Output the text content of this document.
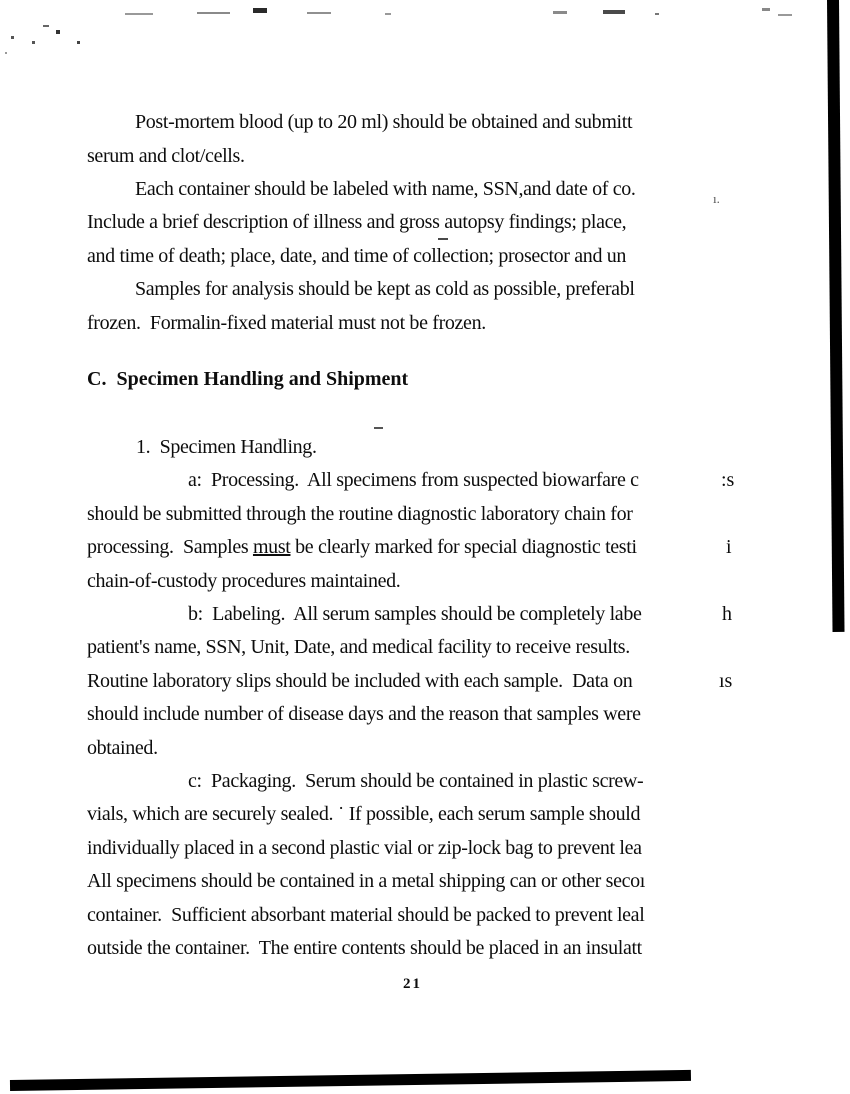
Post-mortem blood (up to 20 ml) should be obtained and submitt
serum and clot/cells.
Each container should be labeled with name, SSN,and date of co.
Include a brief description of illness and gross autopsy findings; place,
and time of death; place, date, and time of collection; prosector and un
Samples for analysis should be kept as cold as possible, preferabl
frozen.  Formalin-fixed material must not be frozen.
C.  Specimen Handling and Shipment
1.  Specimen Handling.
a:  Processing.  All specimens from suspected biowarfare c
should be submitted through the routine diagnostic laboratory chain for
processing.  Samples must be clearly marked for special diagnostic testi
chain-of-custody procedures maintained.
b:  Labeling.  All serum samples should be completely labe
patient's name, SSN, Unit, Date, and medical facility to receive results.
Routine laboratory slips should be included with each sample.  Data on
should include number of disease days and the reason that samples were
obtained.
c:  Packaging.  Serum should be contained in plastic screw-
vials, which are securely sealed. ˙ If possible, each serum sample should
individually placed in a second plastic vial or zip-lock bag to prevent lea
All specimens should be contained in a metal shipping can or other secoı
container.  Sufficient absorbant material should be packed to prevent leal
outside the container.  The entire contents should be placed in an insulatt
ı.
:s
i
h
ıs
21
